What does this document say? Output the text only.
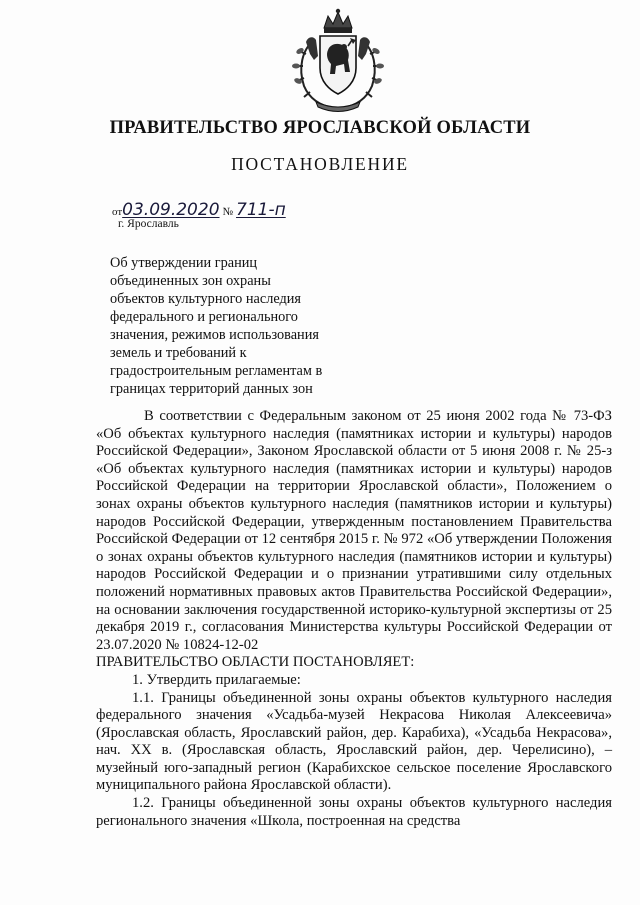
ПРАВИТЕЛЬСТВО ЯРОСЛАВСКОЙ ОБЛАСТИ
ПОСТАНОВЛЕНИЕ
от03.09.2020 № 711-п
г. Ярославль
Об утверждении границ
объединенных зон охраны
объектов культурного наследия
федерального и регионального
значения, режимов использования
земель и требований к
градостроительным регламентам в
границах территорий данных зон

В соответствии с Федеральным законом от 25 июня 2002 года № 73-ФЗ «Об объектах культурного наследия (памятниках истории и культуры) народов Российской Федерации», Законом Ярославской области от 5 июня 2008 г. № 25-з «Об объектах культурного наследия (памятниках истории и культуры) народов Российской Федерации на территории Ярославской области», Положением о зонах охраны объектов культурного наследия (памятников истории и культуры) народов Российской Федерации, утвержденным постановлением Правительства Российской Федерации от 12 сентября 2015 г. № 972 «Об утверждении Положения о зонах охраны объектов культурного наследия (памятников истории и культуры) народов Российской Федерации и о признании утратившими силу отдельных положений нормативных правовых актов Правительства Российской Федерации», на основании заключения государственной историко-культурной экспертизы от 25 декабря 2019 г., согласования Министерства культуры Российской Федерации от 23.07.2020 № 10824-12-02

ПРАВИТЕЛЬСТВО ОБЛАСТИ ПОСТАНОВЛЯЕТ:

1. Утвердить прилагаемые:

1.1. Границы объединенной зоны охраны объектов культурного наследия федерального значения «Усадьба-музей Некрасова Николая Алексеевича» (Ярославская область, Ярославский район, дер. Карабиха), «Усадьба Некрасова», нач. XX в. (Ярославская область, Ярославский район, дер. Черелисино), – музейный юго-западный регион (Карабихское сельское поселение Ярославского муниципального района Ярославской области).

1.2. Границы объединенной зоны охраны объектов культурного наследия регионального значения «Школа, построенная на средства
